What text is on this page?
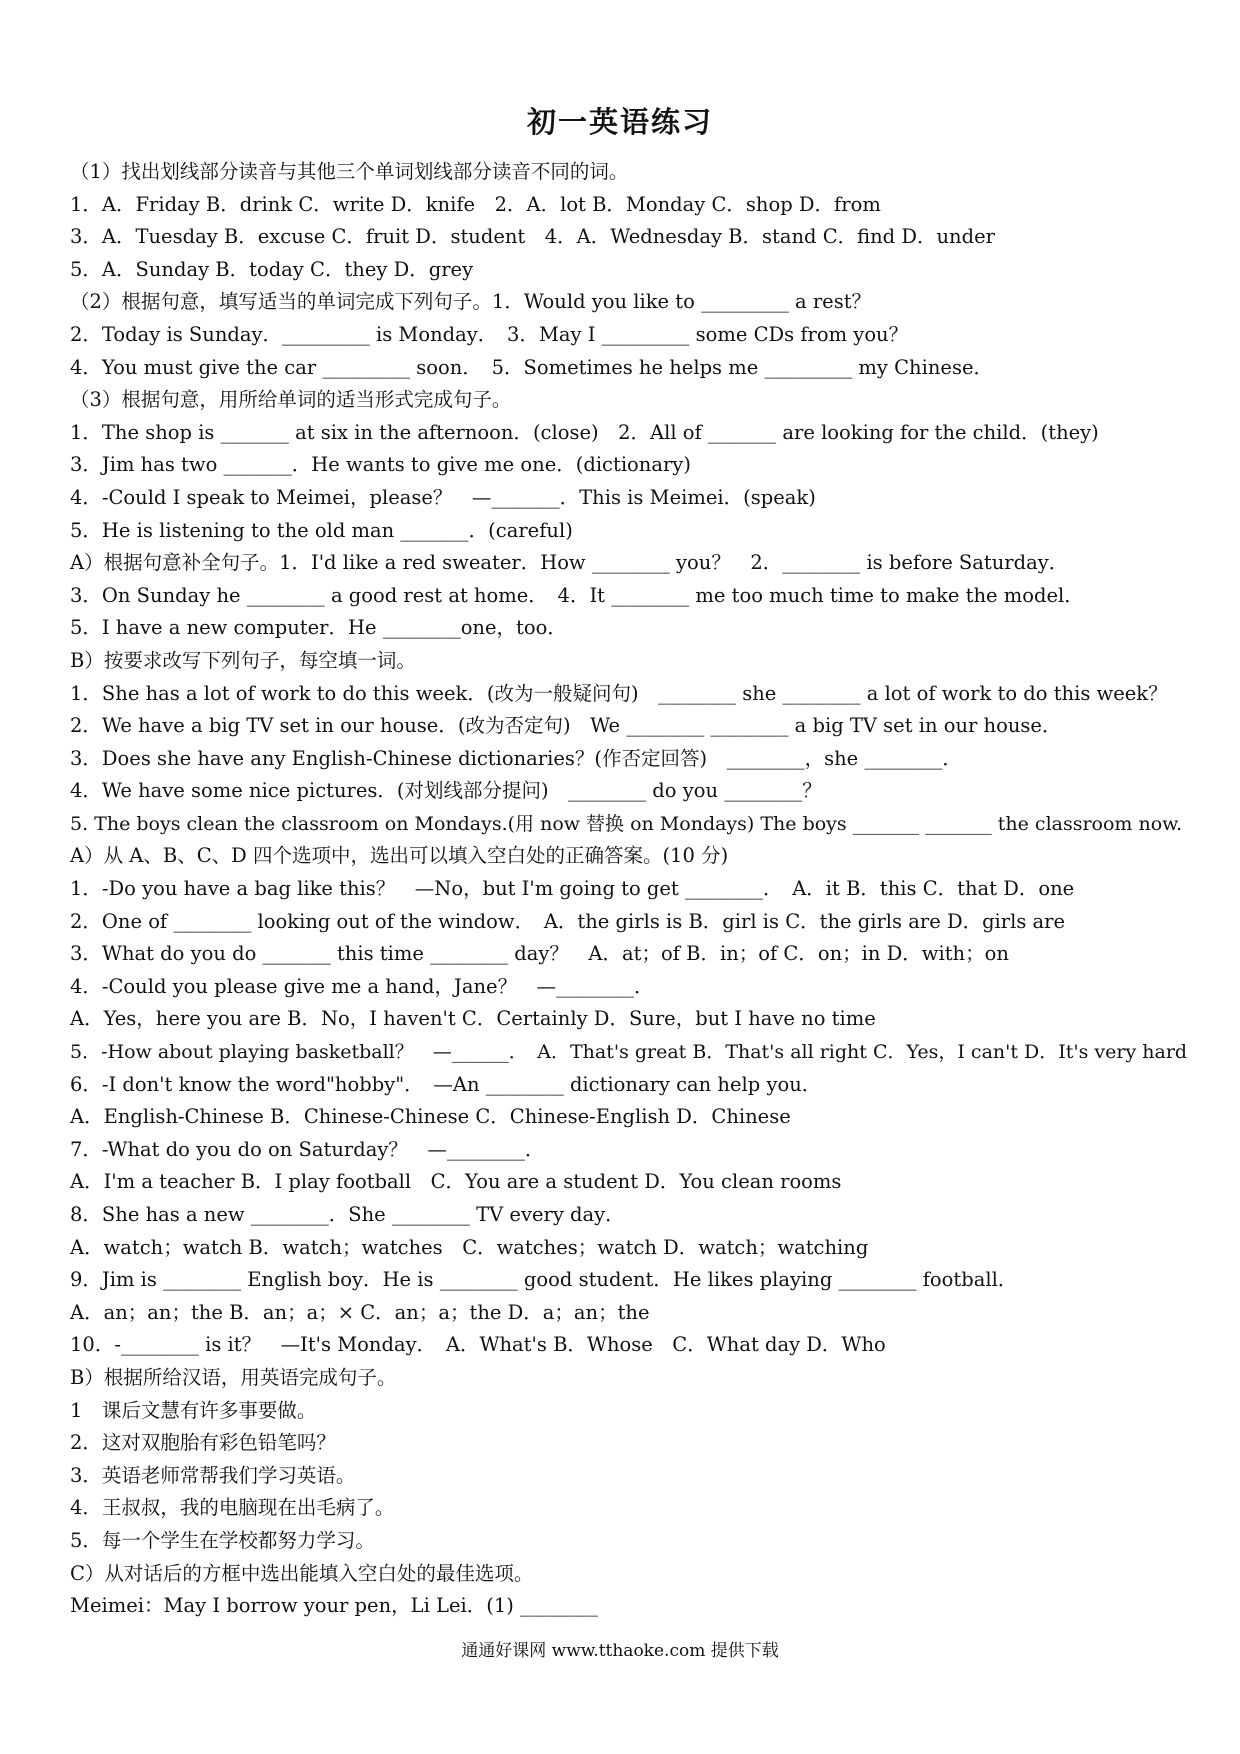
初一英语练习
（1）找出划线部分读音与其他三个单词划线部分读音不同的词。
1．A．Friday B．drink C．write D．knife　2．A．lot B．Monday C．shop D．from
3．A．Tuesday B．excuse C．fruit D．student　4．A．Wednesday B．stand C．find D．under
5．A．Sunday B．today C．they D．grey
（2）根据句意，填写适当的单词完成下列句子。1．Would you like to _________ a rest？
2．Today is Sunday．_________ is Monday．　3．May I _________ some CDs from you？
4．You must give the car _________ soon．　5．Sometimes he helps me _________ my Chinese．
（3）根据句意，用所给单词的适当形式完成句子。
1．The shop is _______ at six in the afternoon．(close)　2．All of _______ are looking for the child．(they)
3．Jim has two _______．He wants to give me one．(dictionary)
4．-Could I speak to Meimei，please？　—_______．This is Meimei．(speak)
5．He is listening to the old man _______．(careful)
A）根据句意补全句子。1．I'd like a red sweater．How ________ you？　2．________ is before Saturday．
3．On Sunday he ________ a good rest at home．　4．It ________ me too much time to make the model．
5．I have a new computer．He ________one，too．
B）按要求改写下列句子，每空填一词。
1．She has a lot of work to do this week．(改为一般疑问句)　________ she ________ a lot of work to do this week？
2．We have a big TV set in our house．(改为否定句)　We ________ ________ a big TV set in our house．
3．Does she have any English-Chinese dictionaries？(作否定回答)　________，she ________．
4．We have some nice pictures．(对划线部分提问)　________ do you ________？
5. The boys clean the classroom on Mondays.(用 now 替换 on Mondays) The boys _______ _______ the classroom now.
A）从 A、B、C、D 四个选项中，选出可以填入空白处的正确答案。(10 分)
1．-Do you have a bag like this？　—No，but I'm going to get ________．　A．it B．this C．that D．one
2．One of ________ looking out of the window．　A．the girls is B．girl is C．the girls are D．girls are
3．What do you do _______ this time ________ day？　A．at；of B．in；of C．on；in D．with；on
4．-Could you please give me a hand，Jane？　—________．
A．Yes，here you are B．No，I haven't C．Certainly D．Sure，but I have no time
5．-How about playing basketball？　—______．　A．That's great B．That's all right C．Yes，I can't D．It's very hard
6．-I don't know the word"hobby"．　—An ________ dictionary can help you．
A．English-Chinese B．Chinese-Chinese C．Chinese-English D．Chinese
7．-What do you do on Saturday？　—________．
A．I'm a teacher B．I play football　C．You are a student D．You clean rooms
8．She has a new ________．She ________ TV every day．
A．watch；watch B．watch；watches　C．watches；watch D．watch；watching
9．Jim is ________ English boy．He is ________ good student．He likes playing ________ football．
A．an；an；the B．an；a；× C．an；a；the D．a；an；the
10．-________ is it？　—It's Monday．　A．What's B．Whose　C．What day D．Who
B）根据所给汉语，用英语完成句子。
1　课后文慧有许多事要做。
2．这对双胞胎有彩色铅笔吗？
3．英语老师常帮我们学习英语。
4．王叔叔，我的电脑现在出毛病了。
5．每一个学生在学校都努力学习。
C）从对话后的方框中选出能填入空白处的最佳选项。
Meimei：May I borrow your pen，Li Lei．(1) ________
通通好课网 www.tthaoke.com 提供下载
